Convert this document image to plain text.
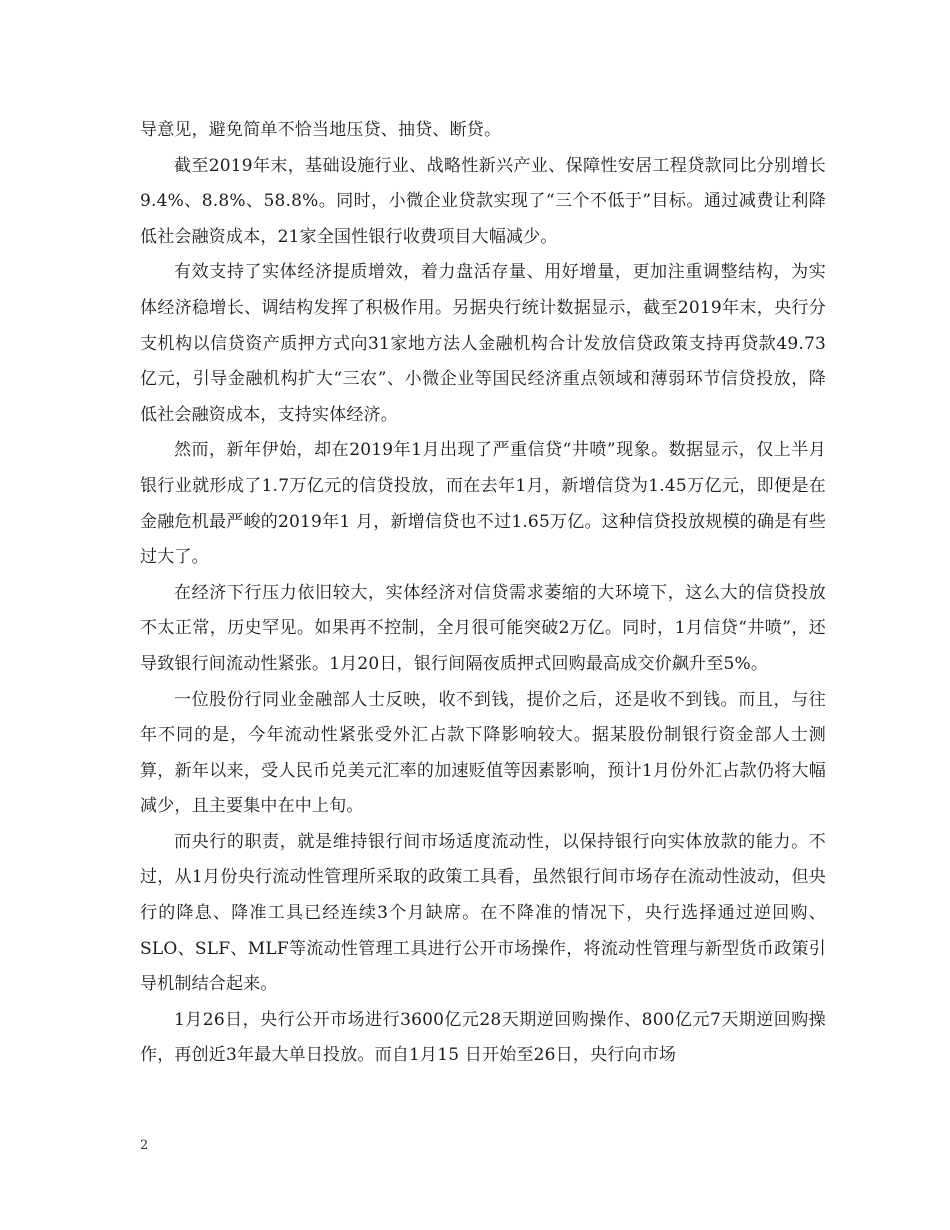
导意见，避免简单不恰当地压贷、抽贷、断贷。

截至2019年末，基础设施行业、战略性新兴产业、保障性安居工程贷款同比分别增长9.4%、8.8%、58.8%。同时，小微企业贷款实现了“三个不低于”目标。通过减费让利降低社会融资成本，21家全国性银行收费项目大幅减少。

有效支持了实体经济提质增效，着力盘活存量、用好增量，更加注重调整结构，为实体经济稳增长、调结构发挥了积极作用。另据央行统计数据显示，截至2019年末，央行分支机构以信贷资产质押方式向31家地方法人金融机构合计发放信贷政策支持再贷款49.73亿元，引导金融机构扩大“三农”、小微企业等国民经济重点领域和薄弱环节信贷投放，降低社会融资成本，支持实体经济。

然而，新年伊始，却在2019年1月出现了严重信贷“井喷”现象。数据显示，仅上半月银行业就形成了1.7万亿元的信贷投放，而在去年1月，新增信贷为1.45万亿元，即便是在金融危机最严峻的2019年1 月，新增信贷也不过1.65万亿。这种信贷投放规模的确是有些过大了。

在经济下行压力依旧较大，实体经济对信贷需求萎缩的大环境下，这么大的信贷投放不太正常，历史罕见。如果再不控制，全月很可能突破2万亿。同时，1月信贷“井喷”，还导致银行间流动性紧张。1月20日，银行间隔夜质押式回购最高成交价飙升至5%。

一位股份行同业金融部人士反映，收不到钱，提价之后，还是收不到钱。而且，与往年不同的是，今年流动性紧张受外汇占款下降影响较大。据某股份制银行资金部人士测算，新年以来，受人民币兑美元汇率的加速贬值等因素影响，预计1月份外汇占款仍将大幅减少，且主要集中在中上旬。

而央行的职责，就是维持银行间市场适度流动性，以保持银行向实体放款的能力。不过，从1月份央行流动性管理所采取的政策工具看，虽然银行间市场存在流动性波动，但央行的降息、降准工具已经连续3个月缺席。在不降准的情况下，央行选择通过逆回购、SLO、SLF、MLF等流动性管理工具进行公开市场操作，将流动性管理与新型货币政策引导机制结合起来。

1月26日，央行公开市场进行3600亿元28天期逆回购操作、800亿元7天期逆回购操作，再创近3年最大单日投放。而自1月15 日开始至26日，央行向市场

2
